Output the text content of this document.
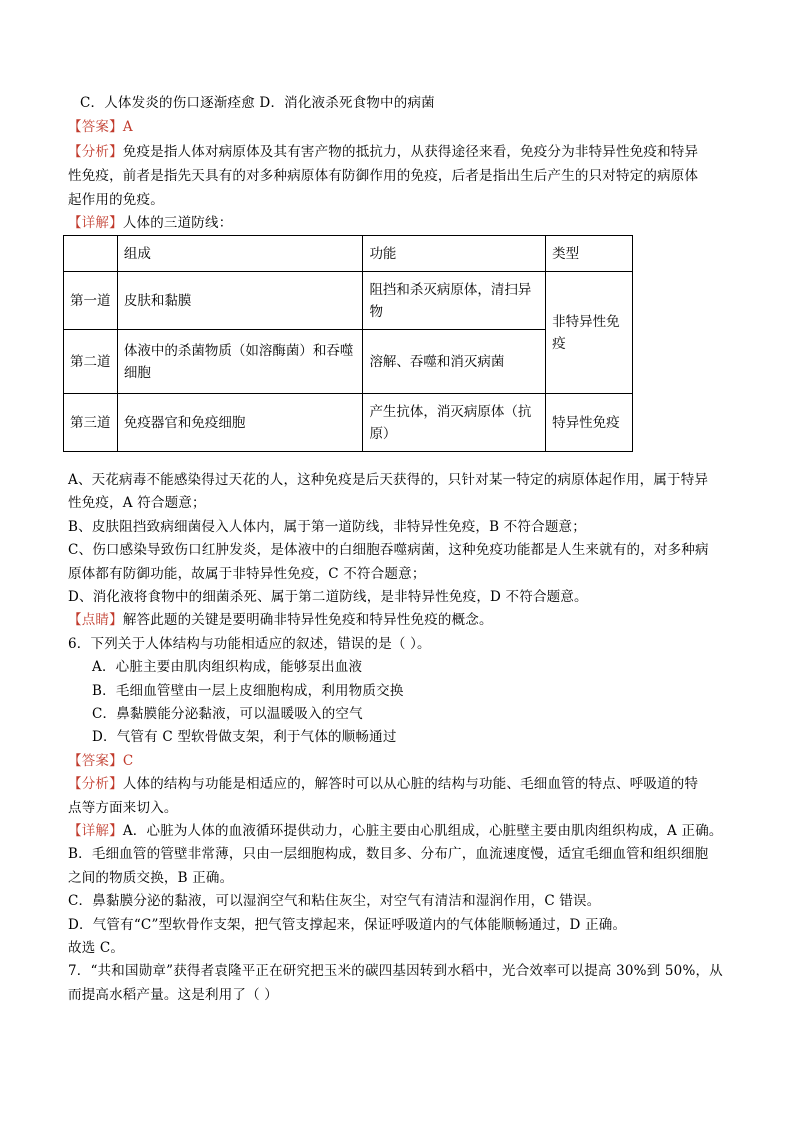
C．人体发炎的伤口逐渐痊愈 D．消化液杀死食物中的病菌
【答案】A
【分析】免疫是指人体对病原体及其有害产物的抵抗力，从获得途径来看，免疫分为非特异性免疫和特异
性免疫，前者是指先天具有的对多种病原体有防御作用的免疫，后者是指出生后产生的只对特定的病原体
起作用的免疫。
【详解】人体的三道防线：
	组成	功能	类型
第一道	皮肤和黏膜	阻挡和杀灭病原体，清扫异物	非特异性免疫
第二道	体液中的杀菌物质（如溶酶菌）和吞噬细胞	溶解、吞噬和消灭病菌	
第三道	免疫器官和免疫细胞	产生抗体，消灭病原体（抗原）	特异性免疫
A、天花病毒不能感染得过天花的人，这种免疫是后天获得的，只针对某一特定的病原体起作用，属于特异
性免疫，A 符合题意；
B、皮肤阻挡致病细菌侵入人体内，属于第一道防线，非特异性免疫，B 不符合题意；
C、伤口感染导致伤口红肿发炎，是体液中的白细胞吞噬病菌，这种免疫功能都是人生来就有的，对多种病
原体都有防御功能，故属于非特异性免疫，C 不符合题意；
D、消化液将食物中的细菌杀死、属于第二道防线，是非特异性免疫，D 不符合题意。
【点睛】解答此题的关键是要明确非特异性免疫和特异性免疫的概念。
6．下列关于人体结构与功能相适应的叙述，错误的是（ ）。
A．心脏主要由肌肉组织构成，能够泵出血液
B．毛细血管壁由一层上皮细胞构成，利用物质交换
C．鼻黏膜能分泌黏液，可以温暖吸入的空气
D．气管有 C 型软骨做支架，利于气体的顺畅通过
【答案】C
【分析】人体的结构与功能是相适应的，解答时可以从心脏的结构与功能、毛细血管的特点、呼吸道的特
点等方面来切入。
【详解】A．心脏为人体的血液循环提供动力，心脏主要由心肌组成，心脏壁主要由肌肉组织构成，A 正确。
B．毛细血管的管壁非常薄，只由一层细胞构成，数目多、分布广，血流速度慢，适宜毛细血管和组织细胞
之间的物质交换，B 正确。
C．鼻黏膜分泌的黏液，可以湿润空气和粘住灰尘，对空气有清洁和湿润作用，C 错误。
D．气管有“C”型软骨作支架，把气管支撑起来，保证呼吸道内的气体能顺畅通过，D 正确。
故选 C。
7．“共和国勋章”获得者袁隆平正在研究把玉米的碳四基因转到水稻中，光合效率可以提高 30%到 50%，从
而提高水稻产量。这是利用了（ ）
